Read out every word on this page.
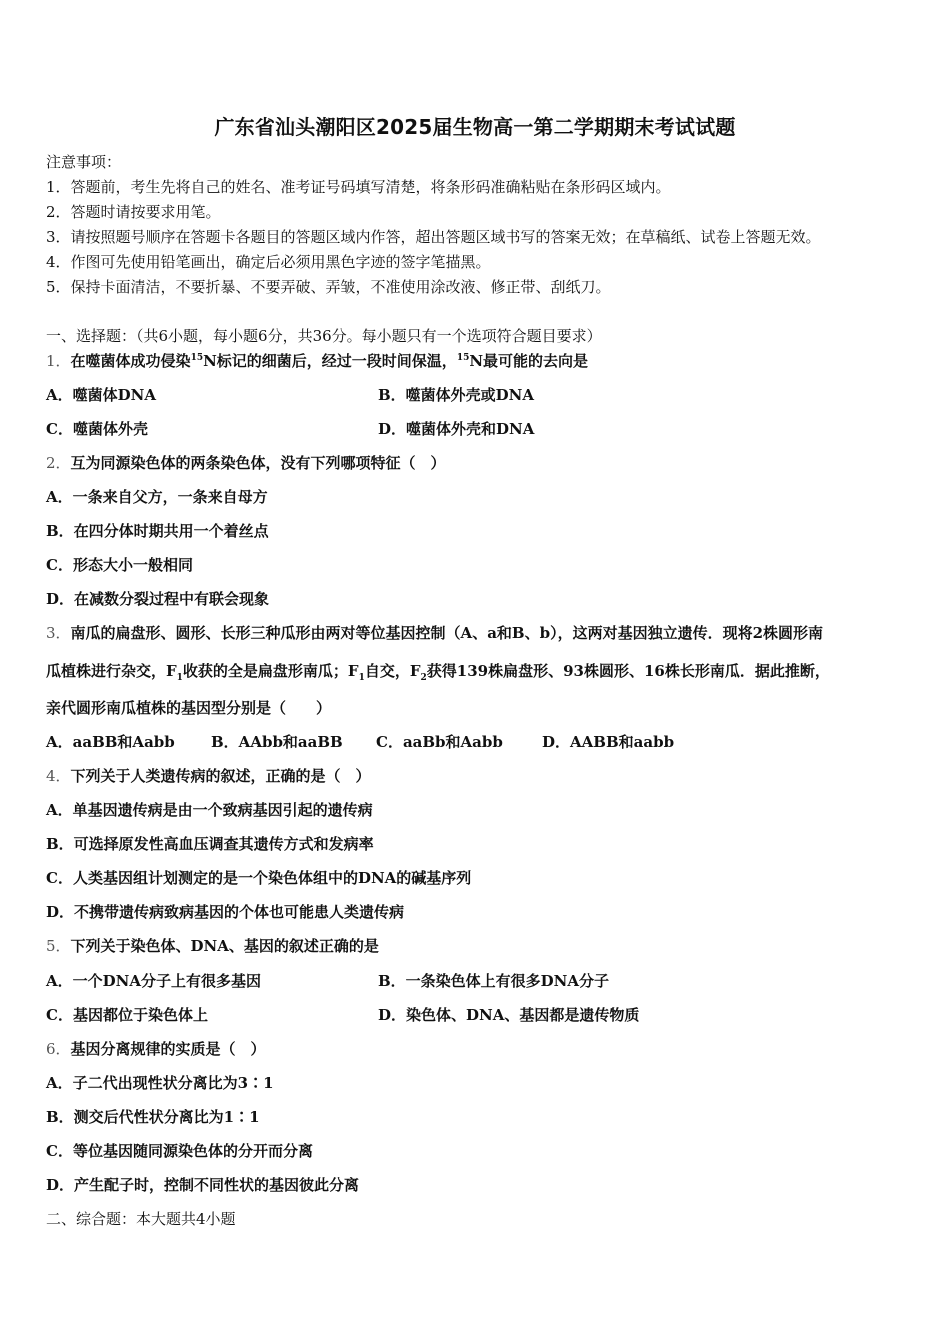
广东省汕头潮阳区2025届生物高一第二学期期末考试试题
注意事项：
1．答题前，考生先将自己的姓名、准考证号码填写清楚，将条形码准确粘贴在条形码区域内。
2．答题时请按要求用笔。
3．请按照题号顺序在答题卡各题目的答题区域内作答，超出答题区域书写的答案无效；在草稿纸、试卷上答题无效。
4．作图可先使用铅笔画出，确定后必须用黑色字迹的签字笔描黑。
5．保持卡面清洁，不要折暴、不要弄破、弄皱，不准使用涂改液、修正带、刮纸刀。
一、选择题：（共6小题，每小题6分，共36分。每小题只有一个选项符合题目要求）
1．在噬菌体成功侵染$^{15}$N标记的细菌后，经过一段时间保温，$^{15}$N最可能的去向是
A．噬菌体DNA	B．噬菌体外壳或DNA
C．噬菌体外壳	D．噬菌体外壳和DNA
2．互为同源染色体的两条染色体，没有下列哪项特征（　）
A．一条来自父方，一条来自母方
B．在四分体时期共用一个着丝点
C．形态大小一般相同
D．在减数分裂过程中有联会现象
3．南瓜的扁盘形、圆形、长形三种瓜形由两对等位基因控制（A、a和B、b），这两对基因独立遗传．现将2株圆形南
瓜植株进行杂交，$F_1$收获的全是扁盘形南瓜；$F_1$自交，$F_2$获得139株扁盘形、93株圆形、16株长形南瓜．据此推断，
亲代圆形南瓜植株的基因型分别是（　　）
A．aaBB和Aabb B．AAbb和aaBB C．aaBb和Aabb	D．AABB和aabb
4．下列关于人类遗传病的叙述，正确的是（　）
A．单基因遗传病是由一个致病基因引起的遗传病
B．可选择原发性高血压调查其遗传方式和发病率
C．人类基因组计划测定的是一个染色体组中的DNA的碱基序列
D．不携带遗传病致病基因的个体也可能患人类遗传病
5．下列关于染色体、DNA、基因的叙述正确的是
A．一个DNA分子上有很多基因	B．一条染色体上有很多DNA分子
C．基因都位于染色体上	D．染色体、DNA、基因都是遗传物质
6．基因分离规律的实质是（　）
A．子二代出现性状分离比为3∶1
B．测交后代性状分离比为1∶1
C．等位基因随同源染色体的分开而分离
D．产生配子时，控制不同性状的基因彼此分离
二、综合题：本大题共4小题
